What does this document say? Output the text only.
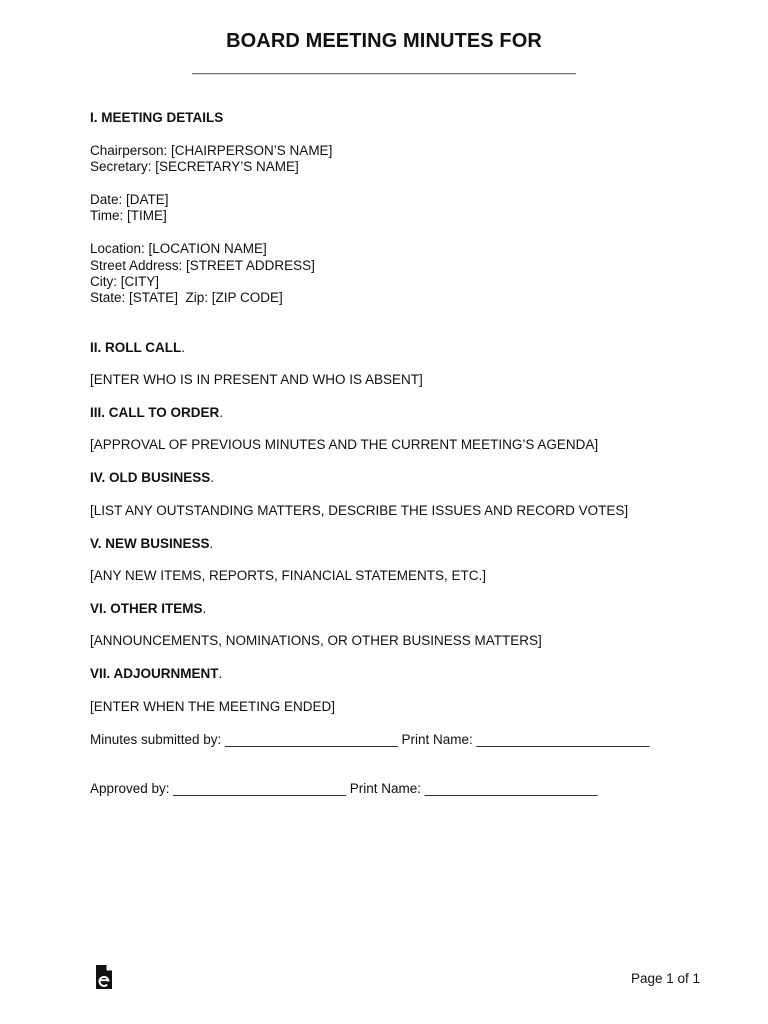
BOARD MEETING MINUTES FOR
____________________________________
I. MEETING DETAILS
Chairperson: [CHAIRPERSON’S NAME]
Secretary: [SECRETARY’S NAME]
Date: [DATE]
Time: [TIME]
Location: [LOCATION NAME]
Street Address: [STREET ADDRESS]
City: [CITY]
State: [STATE]  Zip: [ZIP CODE]
II. ROLL CALL.
[ENTER WHO IS IN PRESENT AND WHO IS ABSENT]
III. CALL TO ORDER.
[APPROVAL OF PREVIOUS MINUTES AND THE CURRENT MEETING’S AGENDA]
IV. OLD BUSINESS.
[LIST ANY OUTSTANDING MATTERS, DESCRIBE THE ISSUES AND RECORD VOTES]
V. NEW BUSINESS.
[ANY NEW ITEMS, REPORTS, FINANCIAL STATEMENTS, ETC.]
VI. OTHER ITEMS.
[ANNOUNCEMENTS, NOMINATIONS, OR OTHER BUSINESS MATTERS]
VII. ADJOURNMENT.
[ENTER WHEN THE MEETING ENDED]
Minutes submitted by: _______________________ Print Name: _______________________
Approved by: _______________________ Print Name: _______________________
Page 1 of 1
